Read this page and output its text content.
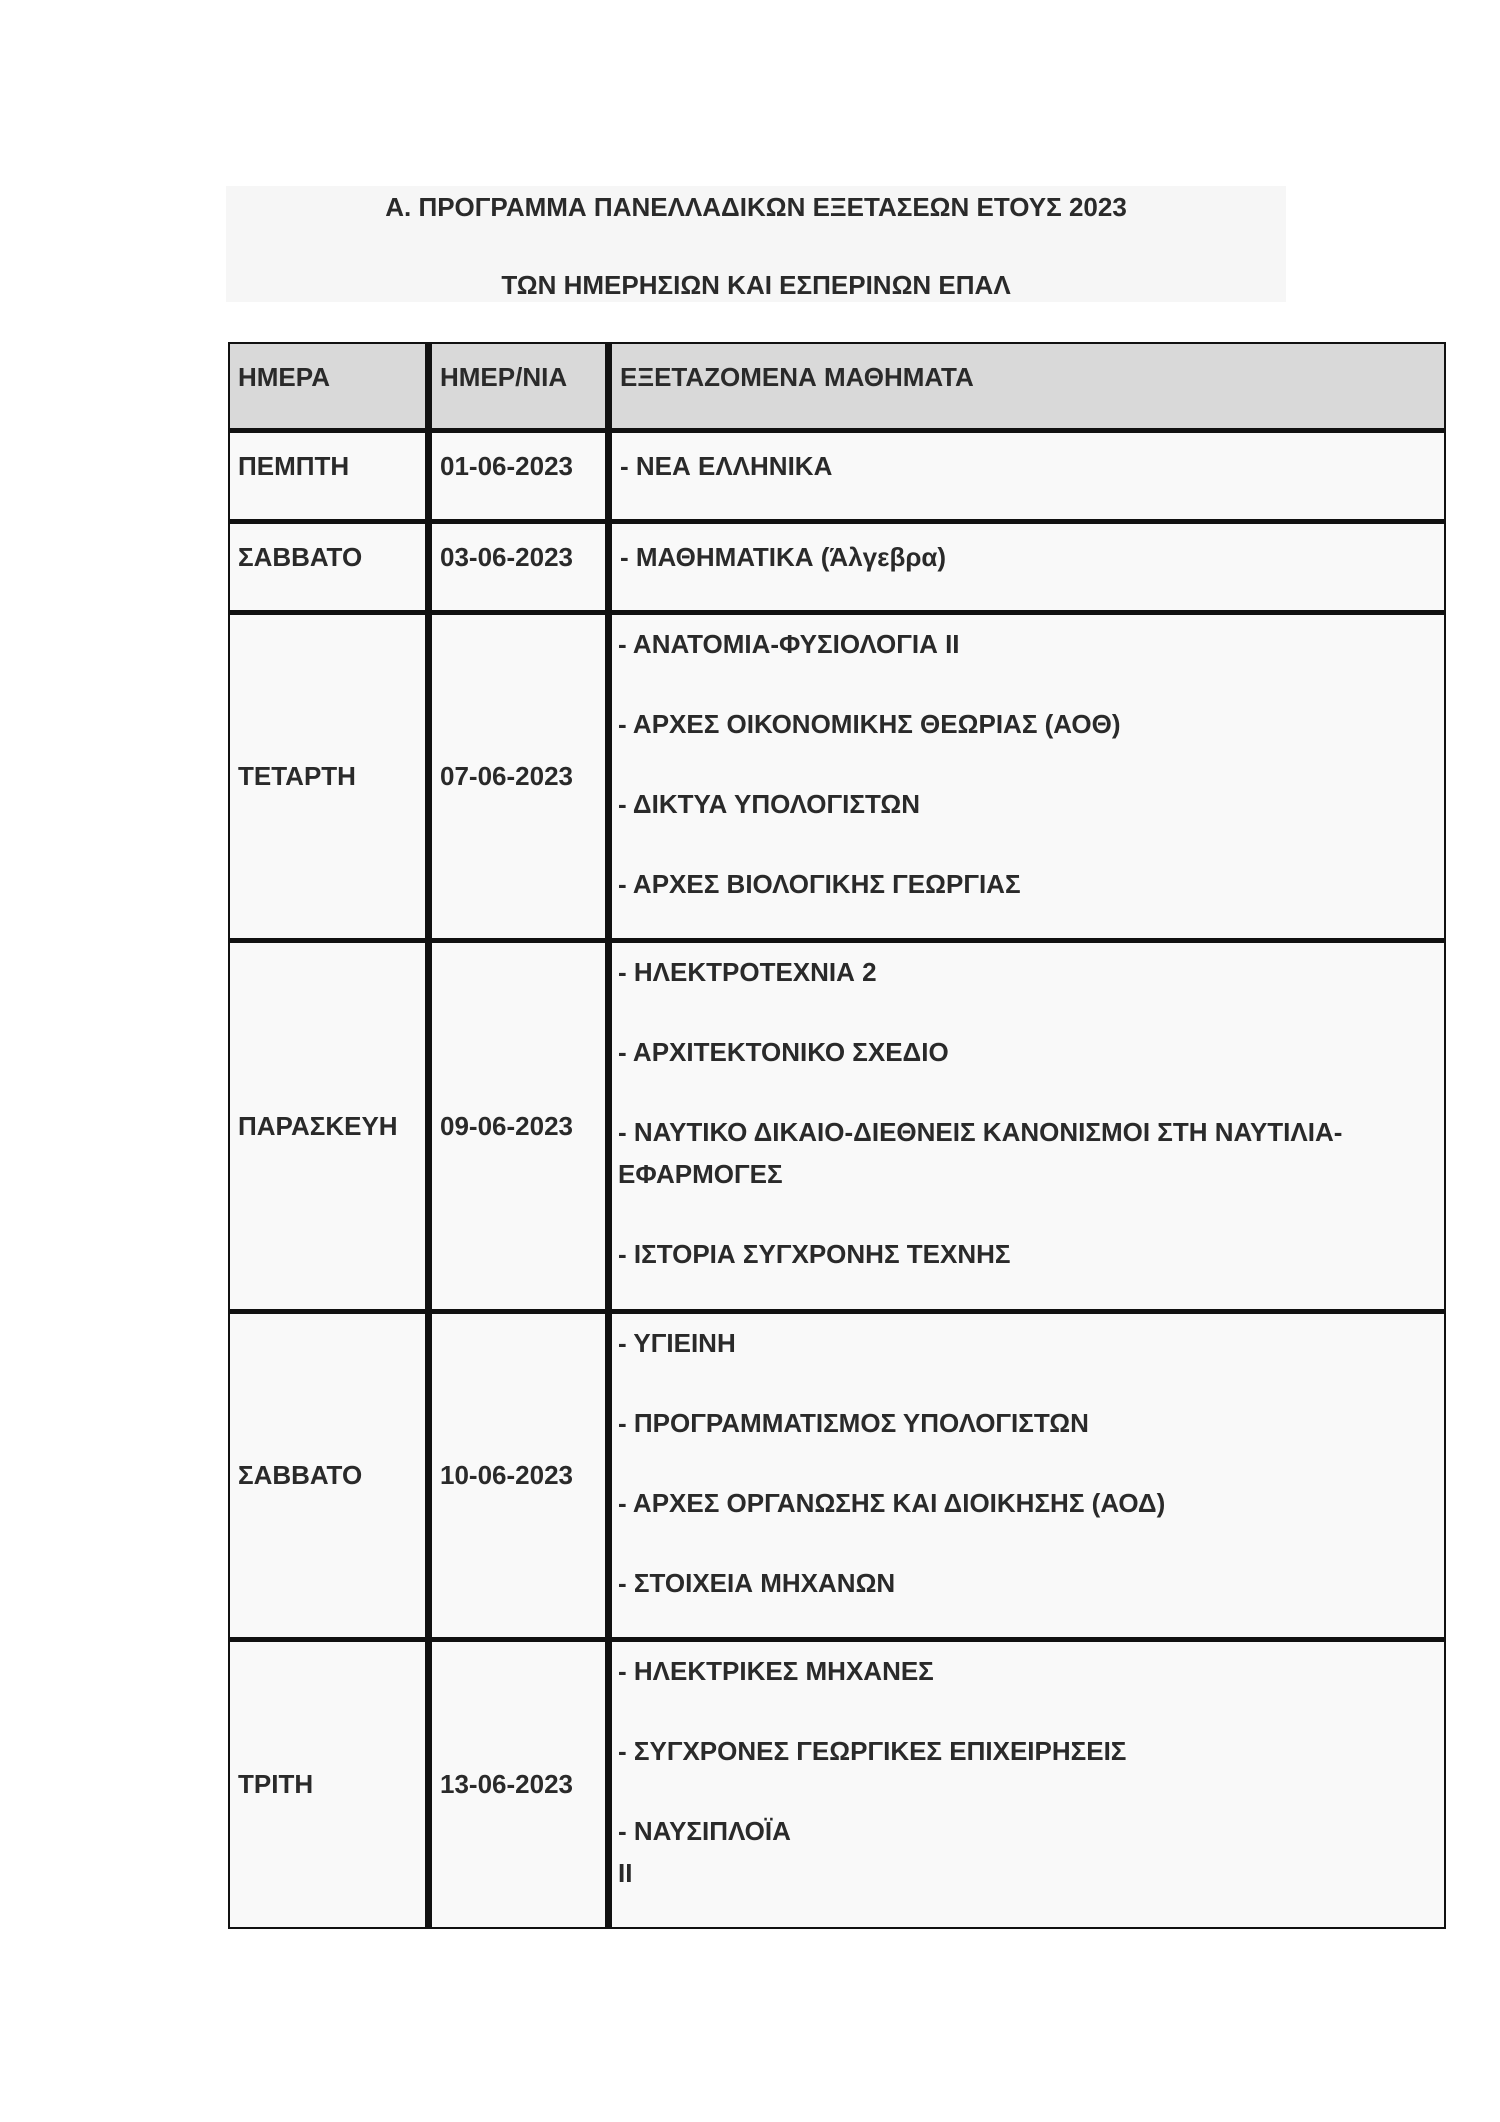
Α. ΠΡΟΓΡΑΜΜΑ ΠΑΝΕΛΛΑΔΙΚΩΝ ΕΞΕΤΑΣΕΩΝ ΕΤΟΥΣ 2023
ΤΩΝ ΗΜΕΡΗΣΙΩΝ ΚΑΙ ΕΣΠΕΡΙΝΩΝ ΕΠΑΛ
ΗΜΕΡΑ	ΗΜΕΡ/ΝΙΑ	ΕΞΕΤΑΖΟΜΕΝΑ ΜΑΘΗΜΑΤΑ

ΠΕΜΠΤΗ	01-06-2023	- ΝΕΑ ΕΛΛΗΝΙΚΑ

ΣΑΒΒΑΤΟ	03-06-2023	- ΜΑΘΗΜΑΤΙΚΑ (Άλγεβρα)

ΤΕΤΑΡΤΗ	07-06-2023	- ΑΝΑΤΟΜΙΑ-ΦΥΣΙΟΛΟΓΙΑ ΙΙ
- ΑΡΧΕΣ ΟΙΚΟΝΟΜΙΚΗΣ ΘΕΩΡΙΑΣ (ΑΟΘ)
- ΔΙΚΤΥΑ ΥΠΟΛΟΓΙΣΤΩΝ
- ΑΡΧΕΣ ΒΙΟΛΟΓΙΚΗΣ ΓΕΩΡΓΙΑΣ

ΠΑΡΑΣΚΕΥΗ	09-06-2023	- ΗΛΕΚΤΡΟΤΕΧΝΙΑ 2
- ΑΡΧΙΤΕΚΤΟΝΙΚΟ ΣΧΕΔΙΟ
- ΝΑΥΤΙΚΟ ΔΙΚΑΙΟ-ΔΙΕΘΝΕΙΣ ΚΑΝΟΝΙΣΜΟΙ ΣΤΗ ΝΑΥΤΙΛΙΑ-
ΕΦΑΡΜΟΓΕΣ
- ΙΣΤΟΡΙΑ ΣΥΓΧΡΟΝΗΣ ΤΕΧΝΗΣ

ΣΑΒΒΑΤΟ	10-06-2023	- ΥΓΙΕΙΝΗ
- ΠΡΟΓΡΑΜΜΑΤΙΣΜΟΣ ΥΠΟΛΟΓΙΣΤΩΝ
- ΑΡΧΕΣ ΟΡΓΑΝΩΣΗΣ ΚΑΙ ΔΙΟΙΚΗΣΗΣ (ΑΟΔ)
- ΣΤΟΙΧΕΙΑ ΜΗΧΑΝΩΝ

ΤΡΙΤΗ	13-06-2023	- ΗΛΕΚΤΡΙΚΕΣ ΜΗΧΑΝΕΣ
- ΣΥΓΧΡΟΝΕΣ ΓΕΩΡΓΙΚΕΣ ΕΠΙΧΕΙΡΗΣΕΙΣ
- ΝΑΥΣΙΠΛΟΪΑ
ΙΙ
